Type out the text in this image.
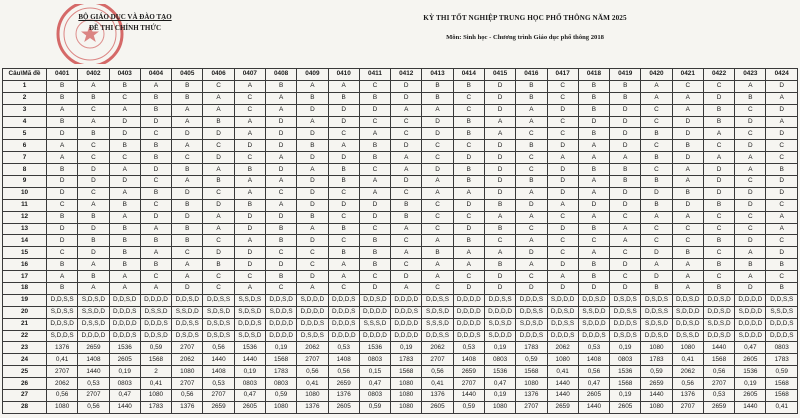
BỘ GIÁO DỤC VÀ ĐÀO TẠO
ĐỀ THI CHÍNH THỨC
KỲ THI TỐT NGHIỆP TRUNG HỌC PHỔ THÔNG NĂM 2025
Môn: Sinh học - Chương trình Giáo dục phổ thông 2018
Câu\Mã đề	0401	0402	0403	0404	0405	0406	0407	0408	0409	0410	0411	0412	0413	0414	0415	0416	0417	0418	0419	0420	0421	0422	0423	0424
1	B	A	B	A	B	C	A	B	A	A	C	D	B	B	D	B	C	B	B	A	C	C	A	D
2	B	B	C	B	B	A	C	A	B	B	B	D	B	C	D	B	C	B	B	A	A	D	B	A
3	A	C	A	B	A	A	C	A	D	D	D	A	A	C	D	A	D	B	D	C	A	B	C	D
4	B	A	D	D	A	B	A	D	A	D	C	C	D	B	A	A	C	D	D	C	D	B	D	A
5	D	B	D	C	D	D	A	D	D	C	A	C	D	B	A	C	C	B	D	B	D	A	C	D
6	A	C	B	B	A	C	D	D	B	A	B	D	C	C	D	B	D	A	D	C	B	C	D	C
7	A	C	C	B	C	D	C	A	D	D	B	A	C	D	D	C	A	A	A	B	D	A	A	C
8	B	D	A	D	B	A	B	D	A	B	C	A	D	B	D	C	D	B	B	C	A	D	A	B
9	D	D	D	C	A	B	A	A	D	B	A	D	A	B	D	B	D	A	B	B	A	D	C	D
10	D	C	A	B	D	C	A	C	D	C	A	C	A	A	D	A	D	A	D	D	B	D	D	D
11	C	A	B	C	B	D	B	A	D	D	D	B	C	D	B	D	A	D	D	B	D	B	D	C
12	B	B	A	D	D	A	D	D	B	C	D	B	C	C	A	A	C	A	C	A	A	C	C	A
13	D	D	B	A	B	A	D	B	A	B	C	A	C	D	B	C	D	B	A	C	C	C	C	A
14	D	B	B	B	B	C	A	B	D	C	B	C	A	B	C	A	C	C	A	C	C	B	D	C
15	C	D	B	A	C	D	D	C	C	B	B	A	B	A	A	D	C	A	C	D	B	C	A	D
16	B	A	B	B	A	B	D	D	C	A	B	C	A	A	B	A	D	B	D	A	A	B	B	B
17	A	B	A	C	A	C	C	B	D	A	C	D	A	C	D	C	A	B	C	D	A	C	A	C
18	B	A	A	A	D	C	A	C	A	C	D	A	C	D	D	D	D	D	D	B	A	B	D	B
19	D,D,S,S	S,D,S,D	D,D,S,D	D,D,D,D	D,D,S,D	D,D,S,S	S,S,D,S	D,D,S,D	S,D,D,D	D,D,D,S	D,D,S,D	D,D,D,D	D,D,S,S	D,D,D,D	D,D,S,S	D,D,D,S	S,D,D,D	D,D,S,D	D,S,D,S	D,S,D,S	D,D,S,D	D,D,S,D	D,D,D,D	D,D,S,S
20	S,D,S,S	S,S,D,D	D,D,D,S	D,S,S,D	S,S,D,D	S,D,S,D	S,D,S,D	S,D,D,S	D,D,D,D	D,D,D,S	D,D,D,D	D,D,D,S	S,D,S,D	D,D,D,D	D,D,D,D	D,D,S,S	D,D,S,D	S,S,D,D	D,D,S,S	D,D,S,S	S,D,D,D	D,D,S,D	S,D,D,D	S,S,D,S
21	D,D,S,D	D,S,S,D	D,D,D,D	D,D,D,S	D,D,S,S	D,S,D,S	D,D,D,S	D,D,D,D	D,D,D,S	D,D,D,S	S,S,S,D	D,D,D,D	S,S,S,D	D,D,D,D	S,D,S,D	S,D,S,D	D,D,S,S	S,D,D,D	D,D,D,S	S,D,S,D	D,D,S,D	S,D,S,D	D,D,D,D	D,D,D,S
22	S,D,D,S	D,D,D,D	D,D,D,S	D,D,S,D	D,S,D,S	D,S,D,S	S,D,S,D	D,D,D,D	D,S,D,S	D,D,D,D	D,D,D,D	D,D,D,D	D,D,S,S	D,D,D,S	S,D,D,D	D,D,D,S	D,D,D,S	D,D,D,S	D,S,D,S	D,D,S,D	D,S,S,D	D,D,S,D	S,D,D,D	D,D,D,S
23	1376	2659	1536	0,59	2707	0,56	1536	0,19	2062	0,53	1536	0,19	2062	0,53	0,19	1783	2062	0,53	0,19	1080	1080	1440	0,47	0803
24	0,41	1408	2605	1568	2062	1440	1440	1568	2707	1408	0803	1783	2707	1408	0803	0,59	1080	1408	0803	1783	0,41	1568	2605	1783
25	2707	1440	0,19	2	1080	1408	0,19	1783	0,56	0,56	0,15	1568	0,56	2659	1536	1568	0,41	0,56	1536	0,59	2062	0,56	1536	0,59
26	2062	0,53	0803	0,41	2707	0,53	0803	0803	0,41	2659	0,47	1080	0,41	2707	0,47	1080	1440	0,47	1568	2659	0,56	2707	0,19	1568
27	0,56	2707	0,47	1080	0,56	2707	0,47	0,59	1080	1376	0803	1080	1376	1440	0,19	1376	1440	2605	0,19	1440	1376	0,53	2605	1568
28	1080	0,56	1440	1783	1376	2659	2605	1080	1376	2605	0,59	1080	2605	0,59	1080	2707	2659	1440	2605	1080	2707	2659	1440	0,41
